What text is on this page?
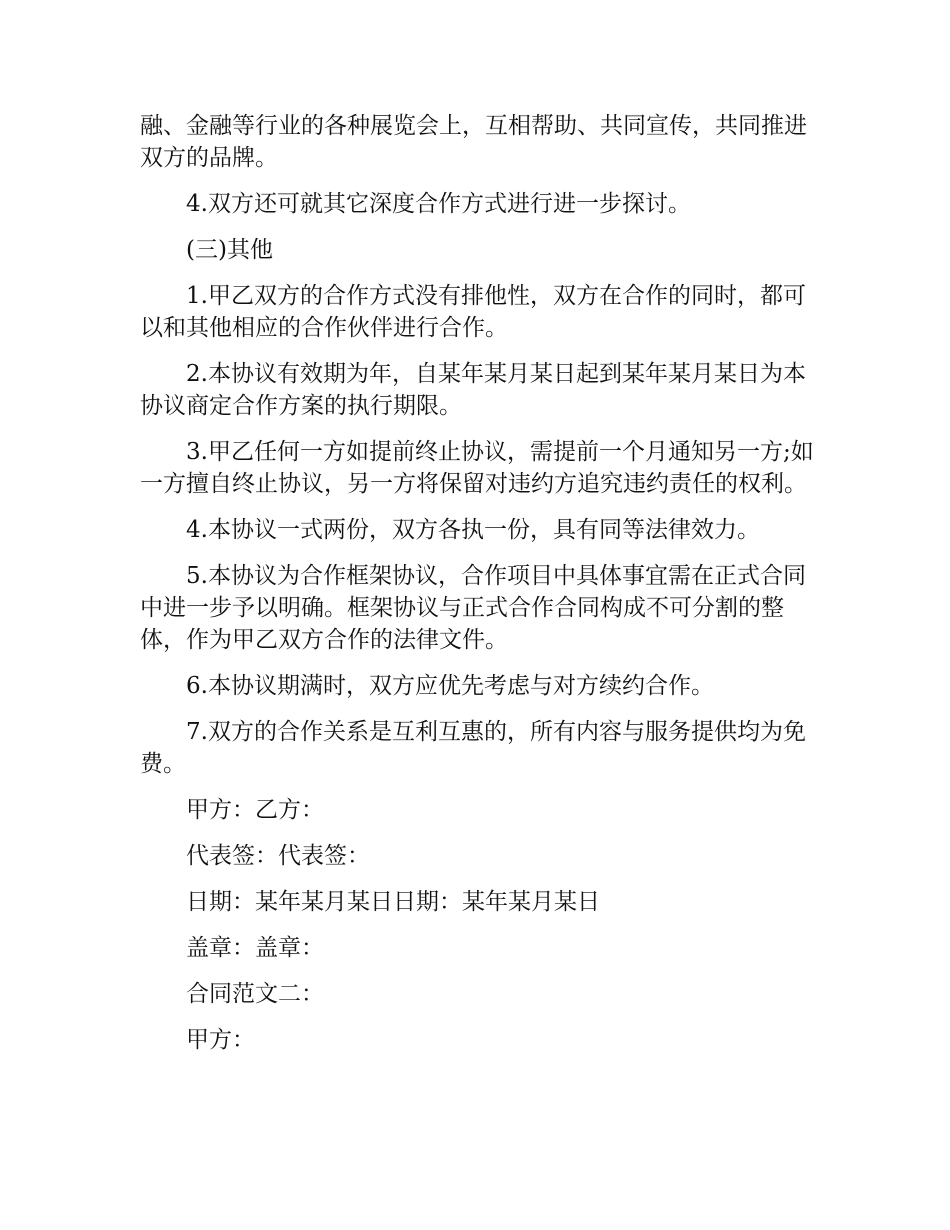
融、金融等行业的各种展览会上，互相帮助、共同宣传，共同推进双方的品牌。

4.双方还可就其它深度合作方式进行进一步探讨。

(三)其他

1.甲乙双方的合作方式没有排他性，双方在合作的同时，都可以和其他相应的合作伙伴进行合作。

2.本协议有效期为年，自某年某月某日起到某年某月某日为本协议商定合作方案的执行期限。

3.甲乙任何一方如提前终止协议，需提前一个月通知另一方;如一方擅自终止协议，另一方将保留对违约方追究违约责任的权利。

4.本协议一式两份，双方各执一份，具有同等法律效力。

5.本协议为合作框架协议，合作项目中具体事宜需在正式合同中进一步予以明确。框架协议与正式合作合同构成不可分割的整体，作为甲乙双方合作的法律文件。

6.本协议期满时，双方应优先考虑与对方续约合作。

7.双方的合作关系是互利互惠的，所有内容与服务提供均为免费。

甲方：乙方：

代表签：代表签：

日期：某年某月某日日期：某年某月某日

盖章：盖章：

合同范文二：

甲方：
